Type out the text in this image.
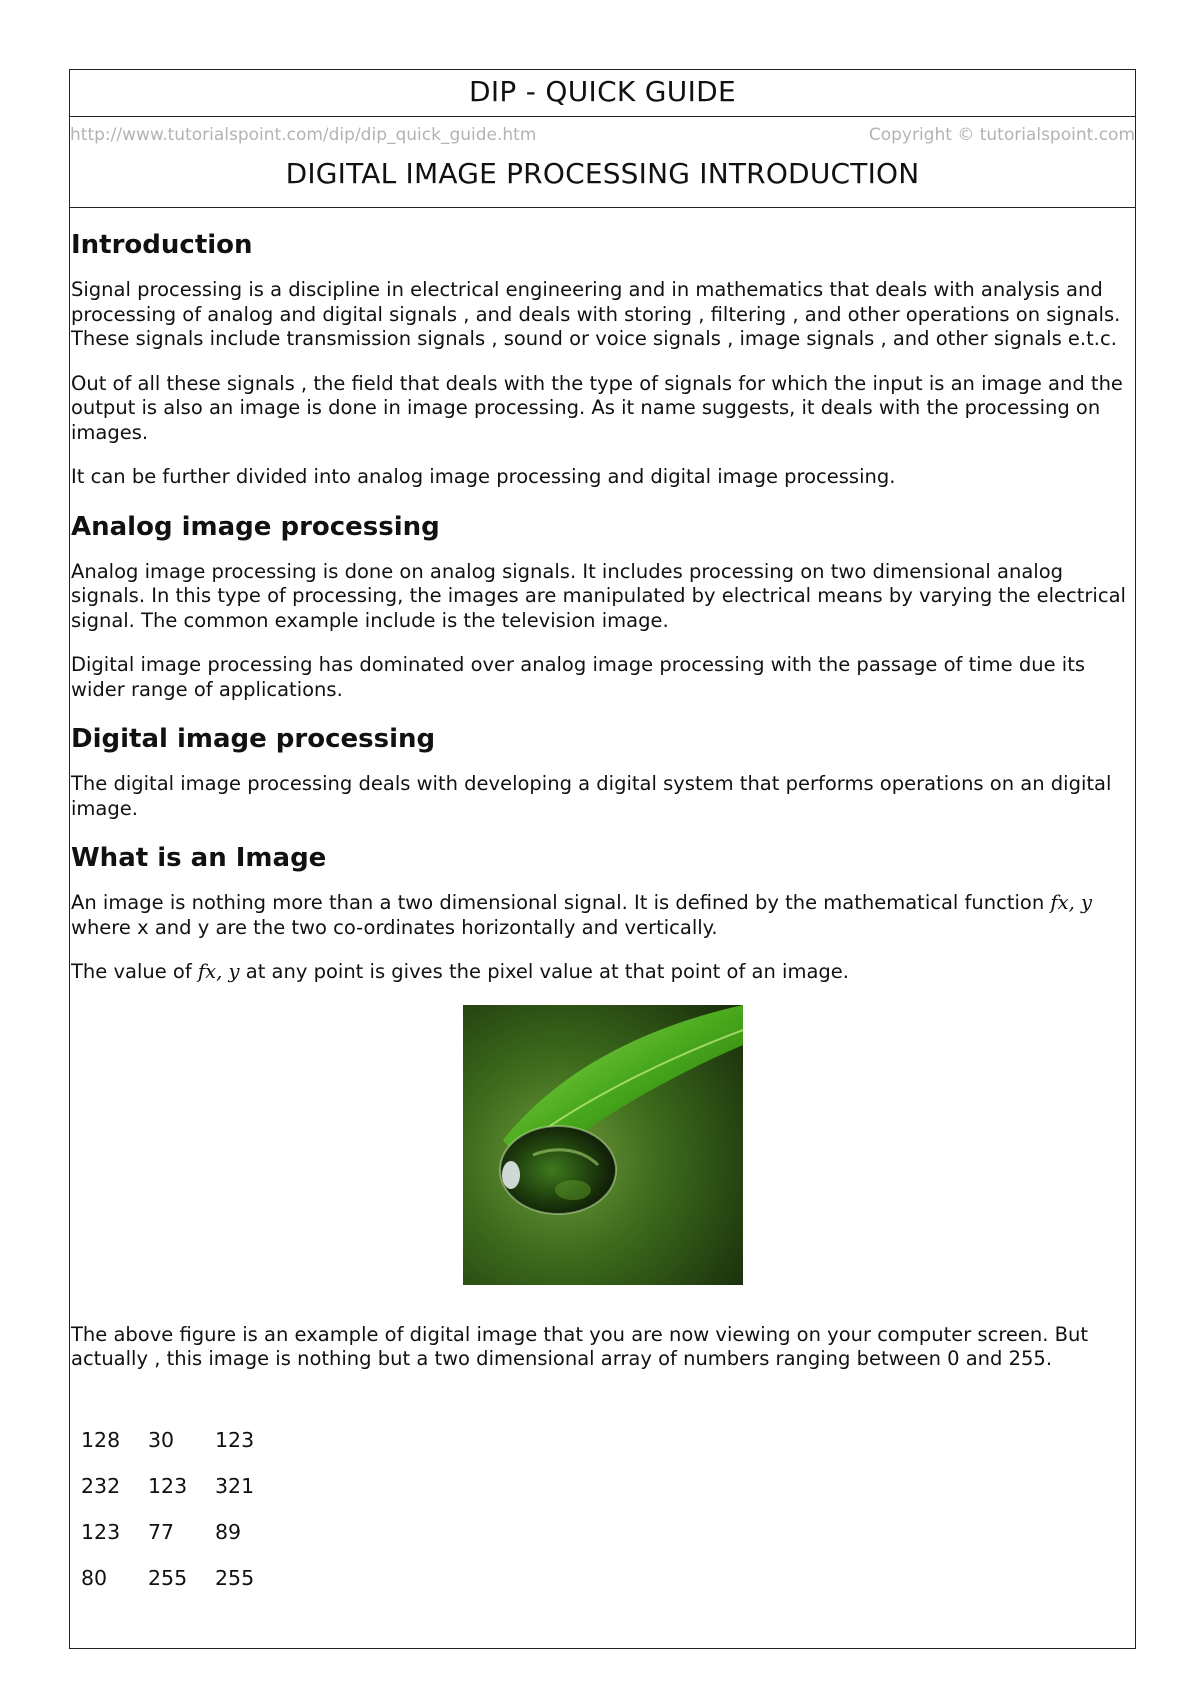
DIP - QUICK GUIDE
http://www.tutorialspoint.com/dip/dip_quick_guide.htm	Copyright © tutorialspoint.com
DIGITAL IMAGE PROCESSING INTRODUCTION
Introduction

Signal processing is a discipline in electrical engineering and in mathematics that deals with analysis and processing of analog and digital signals , and deals with storing , filtering , and other operations on signals. These signals include transmission signals , sound or voice signals , image signals , and other signals e.t.c.

Out of all these signals , the field that deals with the type of signals for which the input is an image and the output is also an image is done in image processing. As it name suggests, it deals with the processing on images.

It can be further divided into analog image processing and digital image processing.

Analog image processing

Analog image processing is done on analog signals. It includes processing on two dimensional analog signals. In this type of processing, the images are manipulated by electrical means by varying the electrical signal. The common example include is the television image.

Digital image processing has dominated over analog image processing with the passage of time due its wider range of applications.

Digital image processing

The digital image processing deals with developing a digital system that performs operations on an digital image.

What is an Image

An image is nothing more than a two dimensional signal. It is defined by the mathematical function fx, y where x and y are the two co-ordinates horizontally and vertically.

The value of fx, y at any point is gives the pixel value at that point of an image.

The above figure is an example of digital image that you are now viewing on your computer screen. But actually , this image is nothing but a two dimensional array of numbers ranging between 0 and 255.

128	30	123
232	123	321
123	77	89
80	255	255
